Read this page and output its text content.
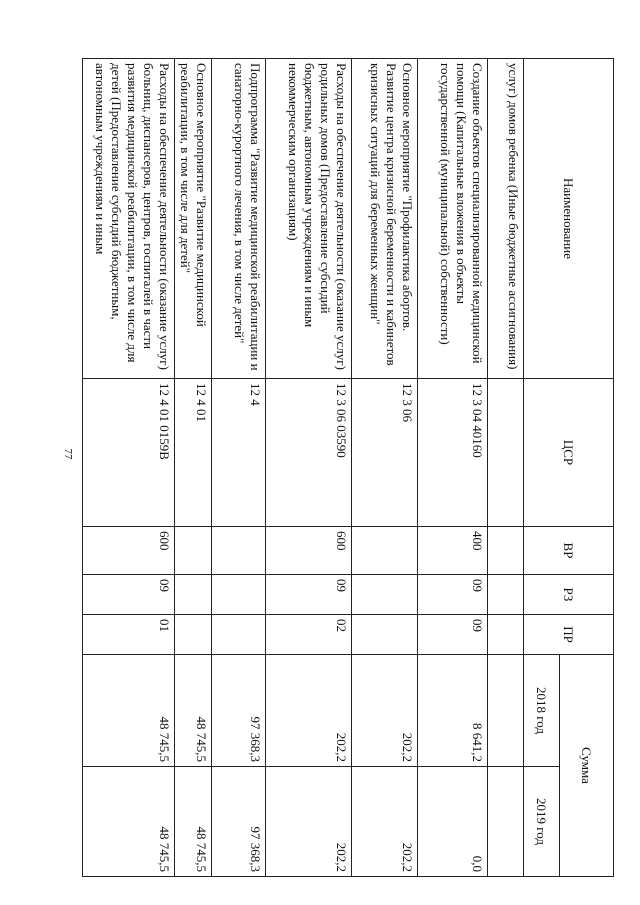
77
Наименование	ЦСР	ВР	РЗ	ПР	Сумма	
					2018 год	2019 год
услуг) домов ребенка (Иные бюджетные ассигнования)						
Создание объектов специализированной медицинской помощи (Капитальные вложения в объекты государственной (муниципальной) собственности)	12 3 04 40160	400	09	09	8 641,2	0,0
Основное мероприятие "Профилактика абортов. Развитие центра кризисной беременности и кабинетов кризисных ситуаций для беременных женщин"	12 3 06				202,2	202,2
Расходы на обеспечение деятельности (оказание услуг) родильных домов (Предоставление субсидий бюджетным, автономным учреждениям и иным некоммерческим организациям)	12 3 06 03590	600	09	02	202,2	202,2
Подпрограмма "Развитие медицинской реабилитации и санаторно-курортного лечения, в том числе детей"	12 4				97 368,3	97 368,3
Основное мероприятие "Развитие медицинской реабилитации, в том числе для детей"	12 4 01				48 745,5	48 745,5
Расходы на обеспечение деятельности (оказание услуг) больниц, диспансеров, центров, госпиталей в части развития медицинской реабилитации, в том числе для детей (Предоставление субсидий бюджетным, автономным учреждениям и иным	12 4 01 0159В	600	09	01	48 745,5	48 745,5
